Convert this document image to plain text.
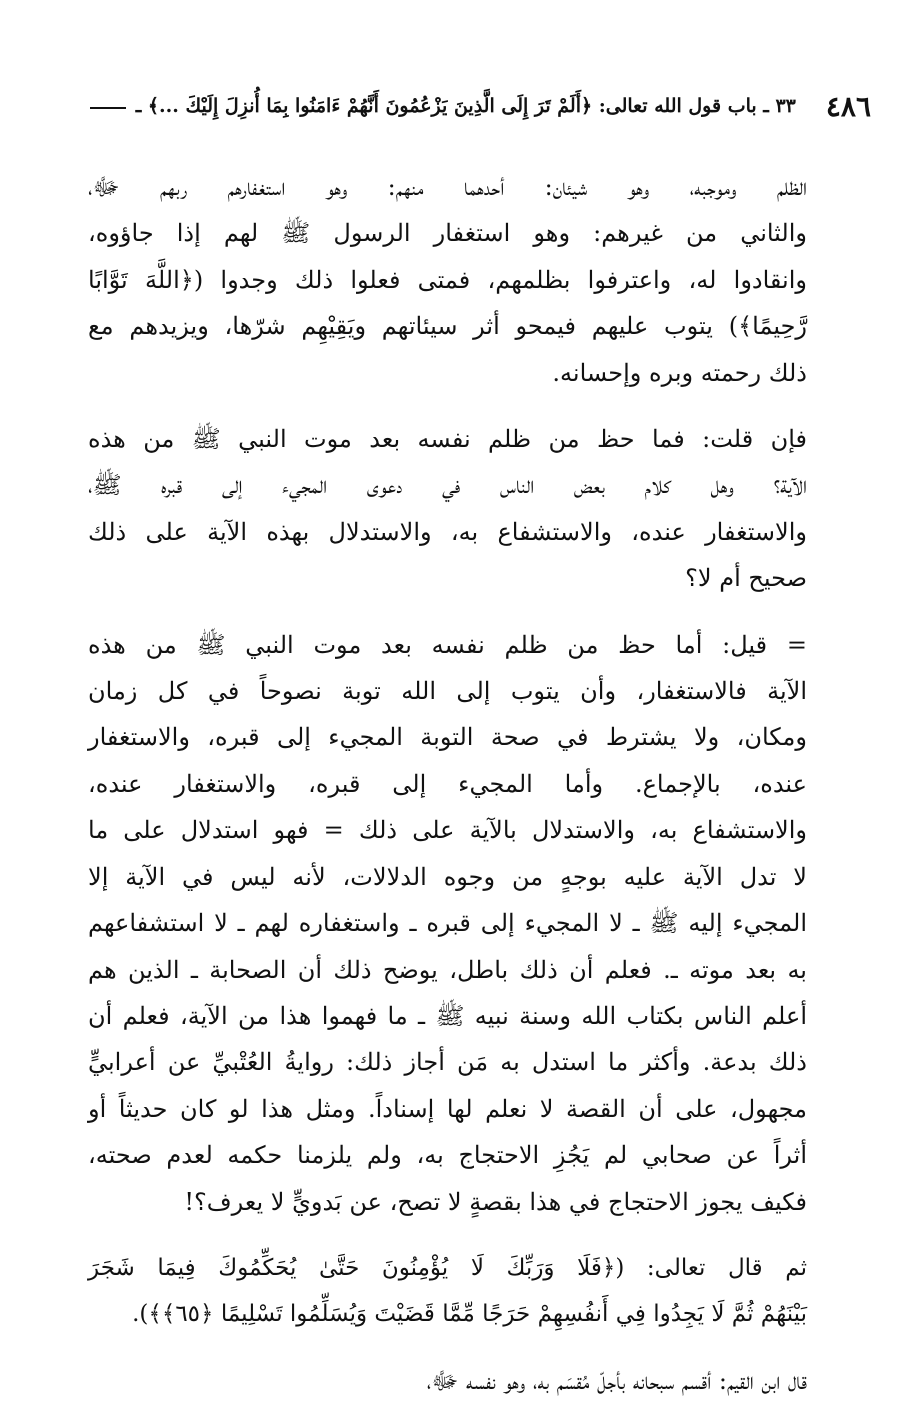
٤٨٦
٣٣ ـ باب قول الله تعالى: ﴿أَلَمْ تَرَ إِلَى الَّذِينَ يَزْعُمُونَ أَنَّهُمْ ءَامَنُوا بِمَا أُنزِلَ إِلَيْكَ ...﴾ ـ

الظلم وموجبه، وهو شيئان: أحدهما منهم: وهو استغفارهم ربهم ﷻ،
والثاني من غيرهم: وهو استغفار الرسول ﷺ لهم إذا جاؤوه،
وانقادوا له، واعترفوا بظلمهم، فمتى فعلوا ذلك وجدوا (﴿اللَّهَ تَوَّابًا
رَّحِيمًا﴾) يتوب عليهم فيمحو أثر سيئاتهم ويَقِيْهِم شرّها، ويزيدهم مع
ذلك رحمته وبره وإحسانه.

فإن قلت: فما حظ من ظلم نفسه بعد موت النبي ﷺ من هذه
الآية؟ وهل كلام بعض الناس في دعوى المجيء إلى قبره ﷺ،
والاستغفار عنده، والاستشفاع به، والاستدلال بهذه الآية على ذلك
صحيح أم لا؟

= قيل: أما حظ من ظلم نفسه بعد موت النبي ﷺ من هذه
الآية فالاستغفار، وأن يتوب إلى الله توبة نصوحاً في كل زمان
ومكان، ولا يشترط في صحة التوبة المجيء إلى قبره، والاستغفار
عنده، بالإجماع. وأما المجيء إلى قبره، والاستغفار عنده،
والاستشفاع به، والاستدلال بالآية على ذلك = فهو استدلال على ما
لا تدل الآية عليه بوجهٍ من وجوه الدلالات، لأنه ليس في الآية إلا
المجيء إليه ﷺ ـ لا المجيء إلى قبره ـ واستغفاره لهم ـ لا استشفاعهم
به بعد موته ـ. فعلم أن ذلك باطل، يوضح ذلك أن الصحابة ـ الذين هم
أعلم الناس بكتاب الله وسنة نبيه ﷺ ـ ما فهموا هذا من الآية، فعلم أن
ذلك بدعة. وأكثر ما استدل به مَن أجاز ذلك: روايةُ العُتْبيِّ عن أعرابيٍّ
مجهول، على أن القصة لا نعلم لها إسناداً. ومثل هذا لو كان حديثاً أو
أثراً عن صحابي لم يَجُزِ الاحتجاج به، ولم يلزمنا حكمه لعدم صحته،
فكيف يجوز الاحتجاج في هذا بقصةٍ لا تصح، عن بَدويٍّ لا يعرف؟!

ثم قال تعالى: (﴿فَلَا وَرَبِّكَ لَا يُؤْمِنُونَ حَتَّىٰ يُحَكِّمُوكَ فِيمَا شَجَرَ
بَيْنَهُمْ ثُمَّ لَا يَجِدُوا فِي أَنفُسِهِمْ حَرَجًا مِّمَّا قَضَيْتَ وَيُسَلِّمُوا تَسْلِيمًا ﴿٦٥﴾﴾).

قال ابن القيم: أقسم سبحانه بأجلّ مُقسَم به، وهو نفسه ﷻ،
